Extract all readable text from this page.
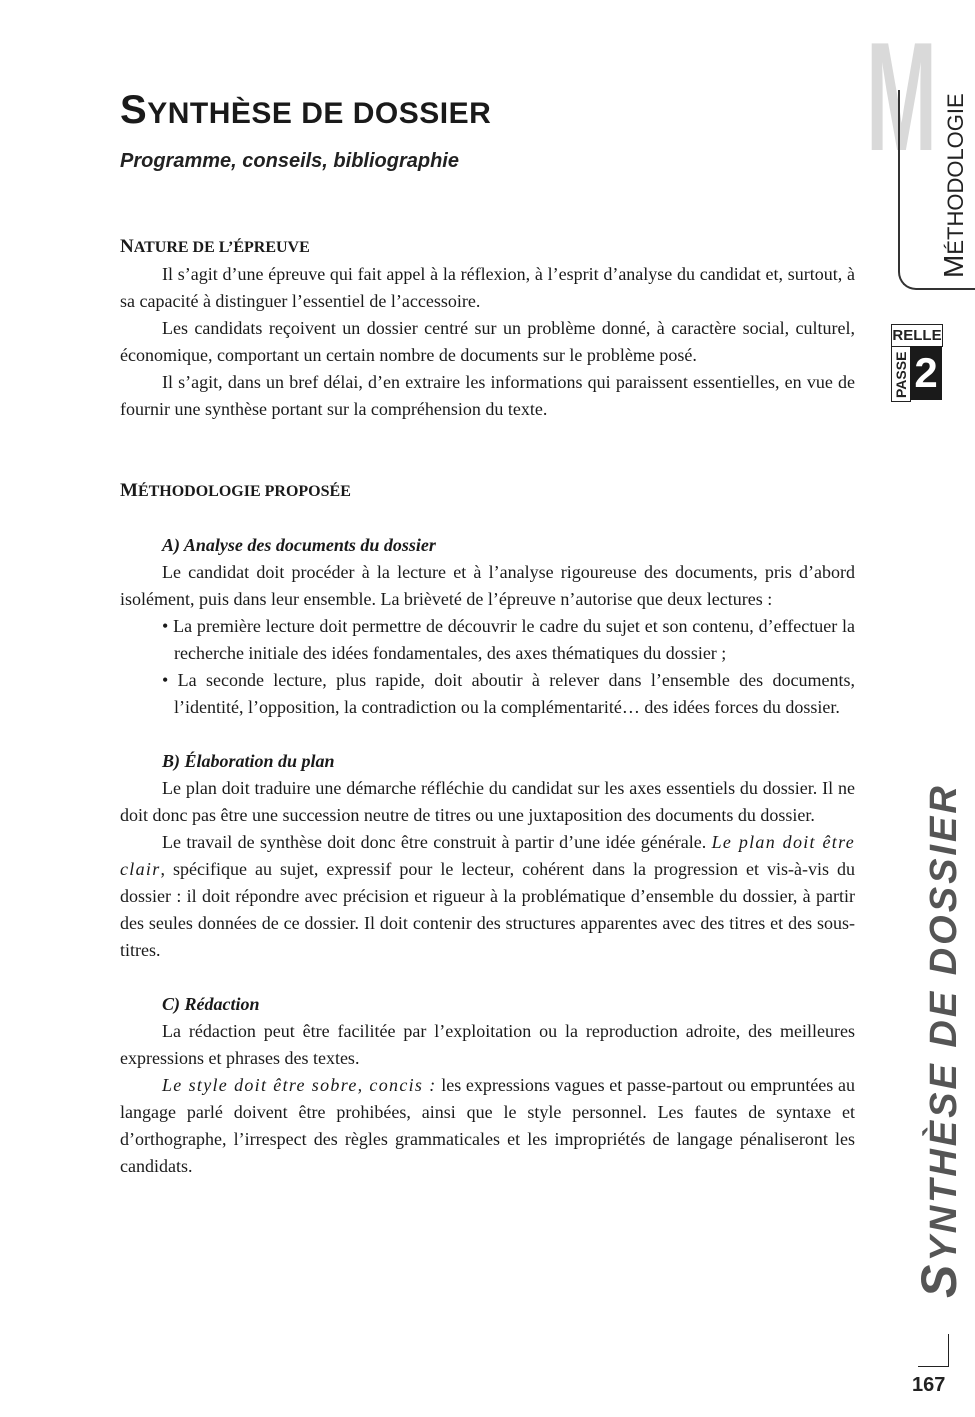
SYNTHÈSE DE DOSSIER
Programme, conseils, bibliographie
NATURE DE L’ÉPREUVE

Il s’agit d’une épreuve qui fait appel à la réflexion, à l’esprit d’analyse du candidat et, surtout, à sa capacité à distinguer l’essentiel de l’accessoire.

Les candidats reçoivent un dossier centré sur un problème donné, à caractère social, culturel, économique, comportant un certain nombre de documents sur le problème posé.

Il s’agit, dans un bref délai, d’en extraire les informations qui paraissent essentielles, en vue de fournir une synthèse portant sur la compréhension du texte.

MÉTHODOLOGIE PROPOSÉE
A) Analyse des documents du dossier

Le candidat doit procéder à la lecture et à l’analyse rigoureuse des documents, pris d’abord isolément, puis dans leur ensemble. La brièveté de l’épreuve n’autorise que deux lectures :

• La première lecture doit permettre de découvrir le cadre du sujet et son contenu, d’effectuer la recherche initiale des idées fondamentales, des axes thématiques du dossier ;
• La seconde lecture, plus rapide, doit aboutir à relever dans l’ensemble des documents, l’identité, l’opposition, la contradiction ou la complémentarité… des idées forces du dossier.
B) Élaboration du plan

Le plan doit traduire une démarche réfléchie du candidat sur les axes essentiels du dossier. Il ne doit donc pas être une succession neutre de titres ou une juxtaposition des documents du dossier.

Le travail de synthèse doit donc être construit à partir d’une idée générale. Le plan doit être clair, spécifique au sujet, expressif pour le lecteur, cohérent dans la progression et vis-à-vis du dossier : il doit répondre avec précision et rigueur à la problématique d’ensemble du dossier, à partir des seules données de ce dossier. Il doit contenir des structures apparentes avec des titres et des sous-titres.

C) Rédaction

La rédaction peut être facilitée par l’exploitation ou la reproduction adroite, des meilleures expressions et phrases des textes.

Le style doit être sobre, concis : les expressions vagues et passe-partout ou empruntées au langage parlé doivent être prohibées, ainsi que le style personnel. Les fautes de syntaxe et d’orthographe, l’irrespect des règles grammaticales et les impropriétés de langage pénaliseront les candidats.

M
MÉTHODOLOGIE
RELLE
PASSE 2
SYNTHÈSE DE DOSSIER
167
